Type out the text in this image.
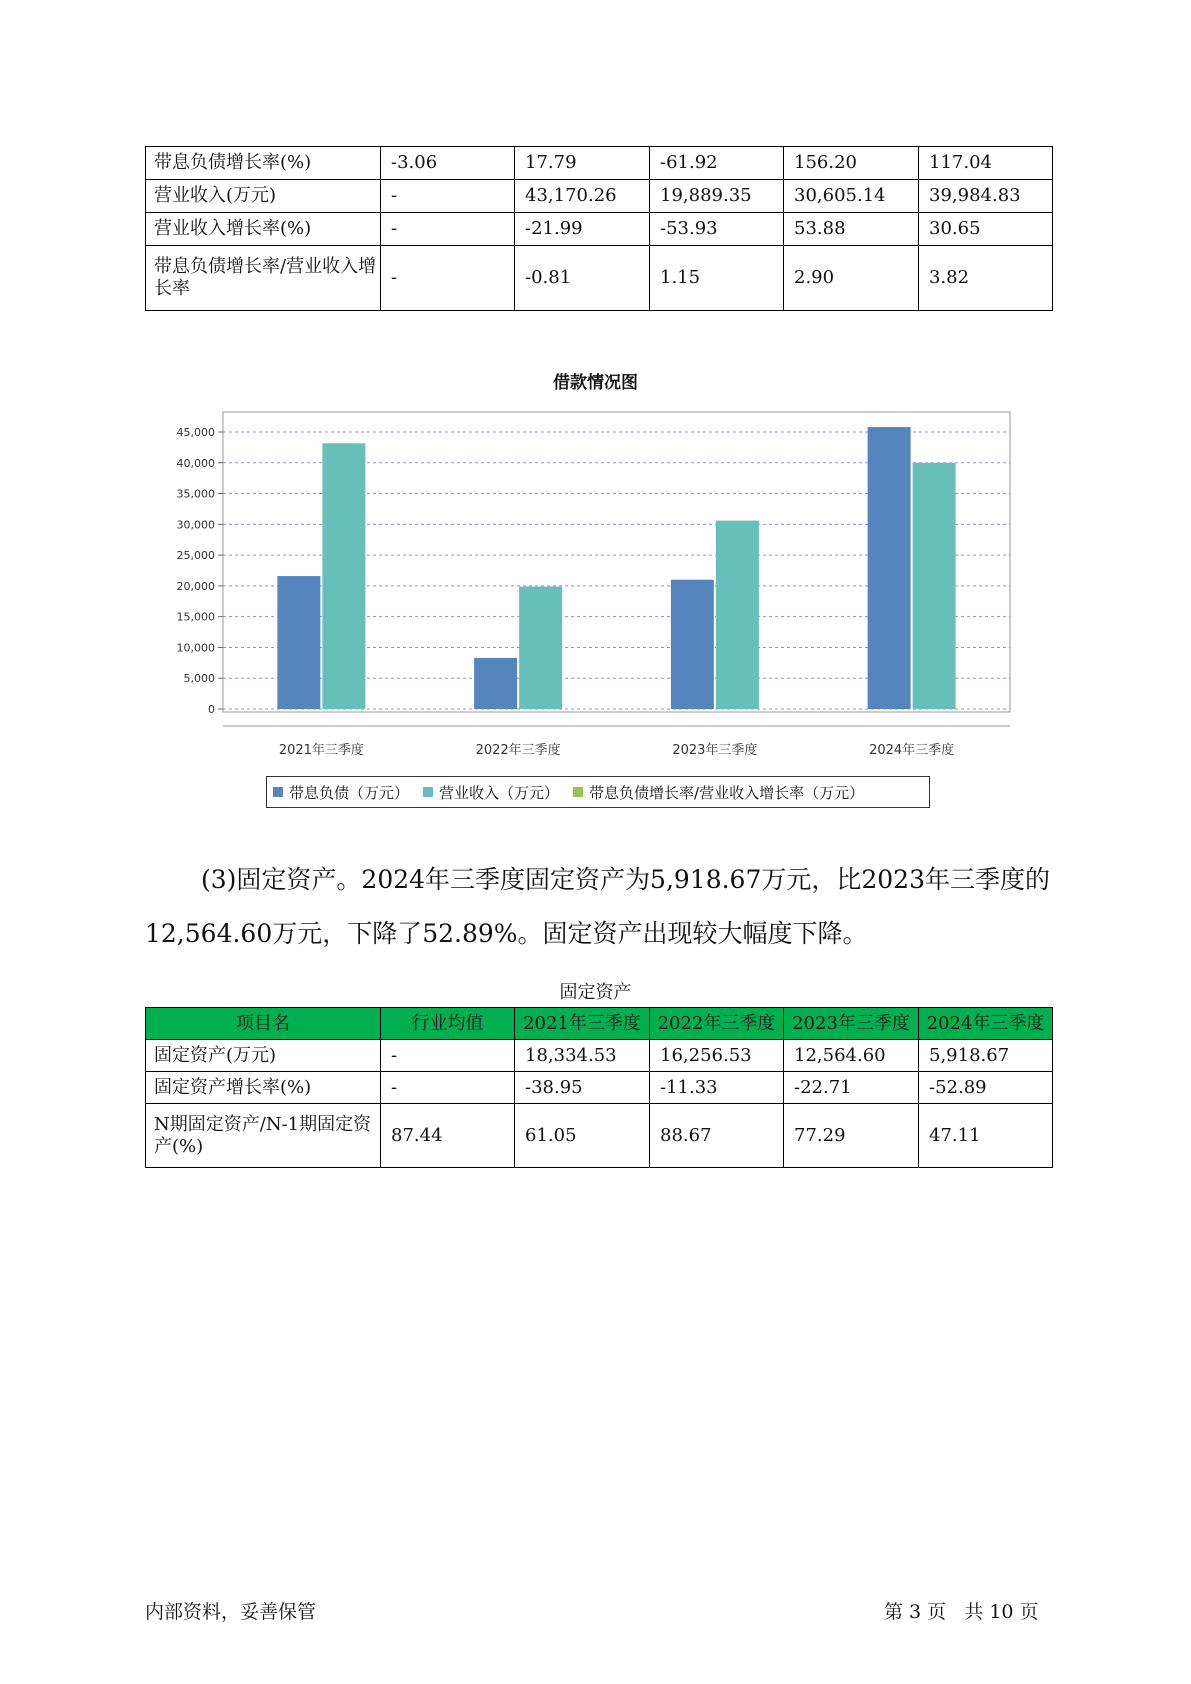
带息负债增长率(%)	-3.06	17.79	-61.92	156.20	117.04
营业收入(万元)	-	43,170.26	19,889.35	30,605.14	39,984.83
营业收入增长率(%)	-	-21.99	-53.93	53.88	30.65
带息负债增长率/营业收入增长率	-	-0.81	1.15	2.90	3.82
借款情况图
0
5,000
10,000
15,000
20,000
25,000
30,000
35,000
40,000
45,000
2021年三季度	2022年三季度	2023年三季度	2024年三季度
带息负债（万元） 营业收入（万元） 带息负债增长率/营业收入增长率（万元）
(3)固定资产。2024年三季度固定资产为5,918.67万元，比2023年三季度的12,564.60万元，下降了52.89%。固定资产出现较大幅度下降。
固定资产
项目名	行业均值	2021年三季度	2022年三季度	2023年三季度	2024年三季度
固定资产(万元)	-	18,334.53	16,256.53	12,564.60	5,918.67
固定资产增长率(%)	-	-38.95	-11.33	-22.71	-52.89
N期固定资产/N-1期固定资产(%)	87.44	61.05	88.67	77.29	47.11
内部资料，妥善保管	第 3 页   共 10 页
